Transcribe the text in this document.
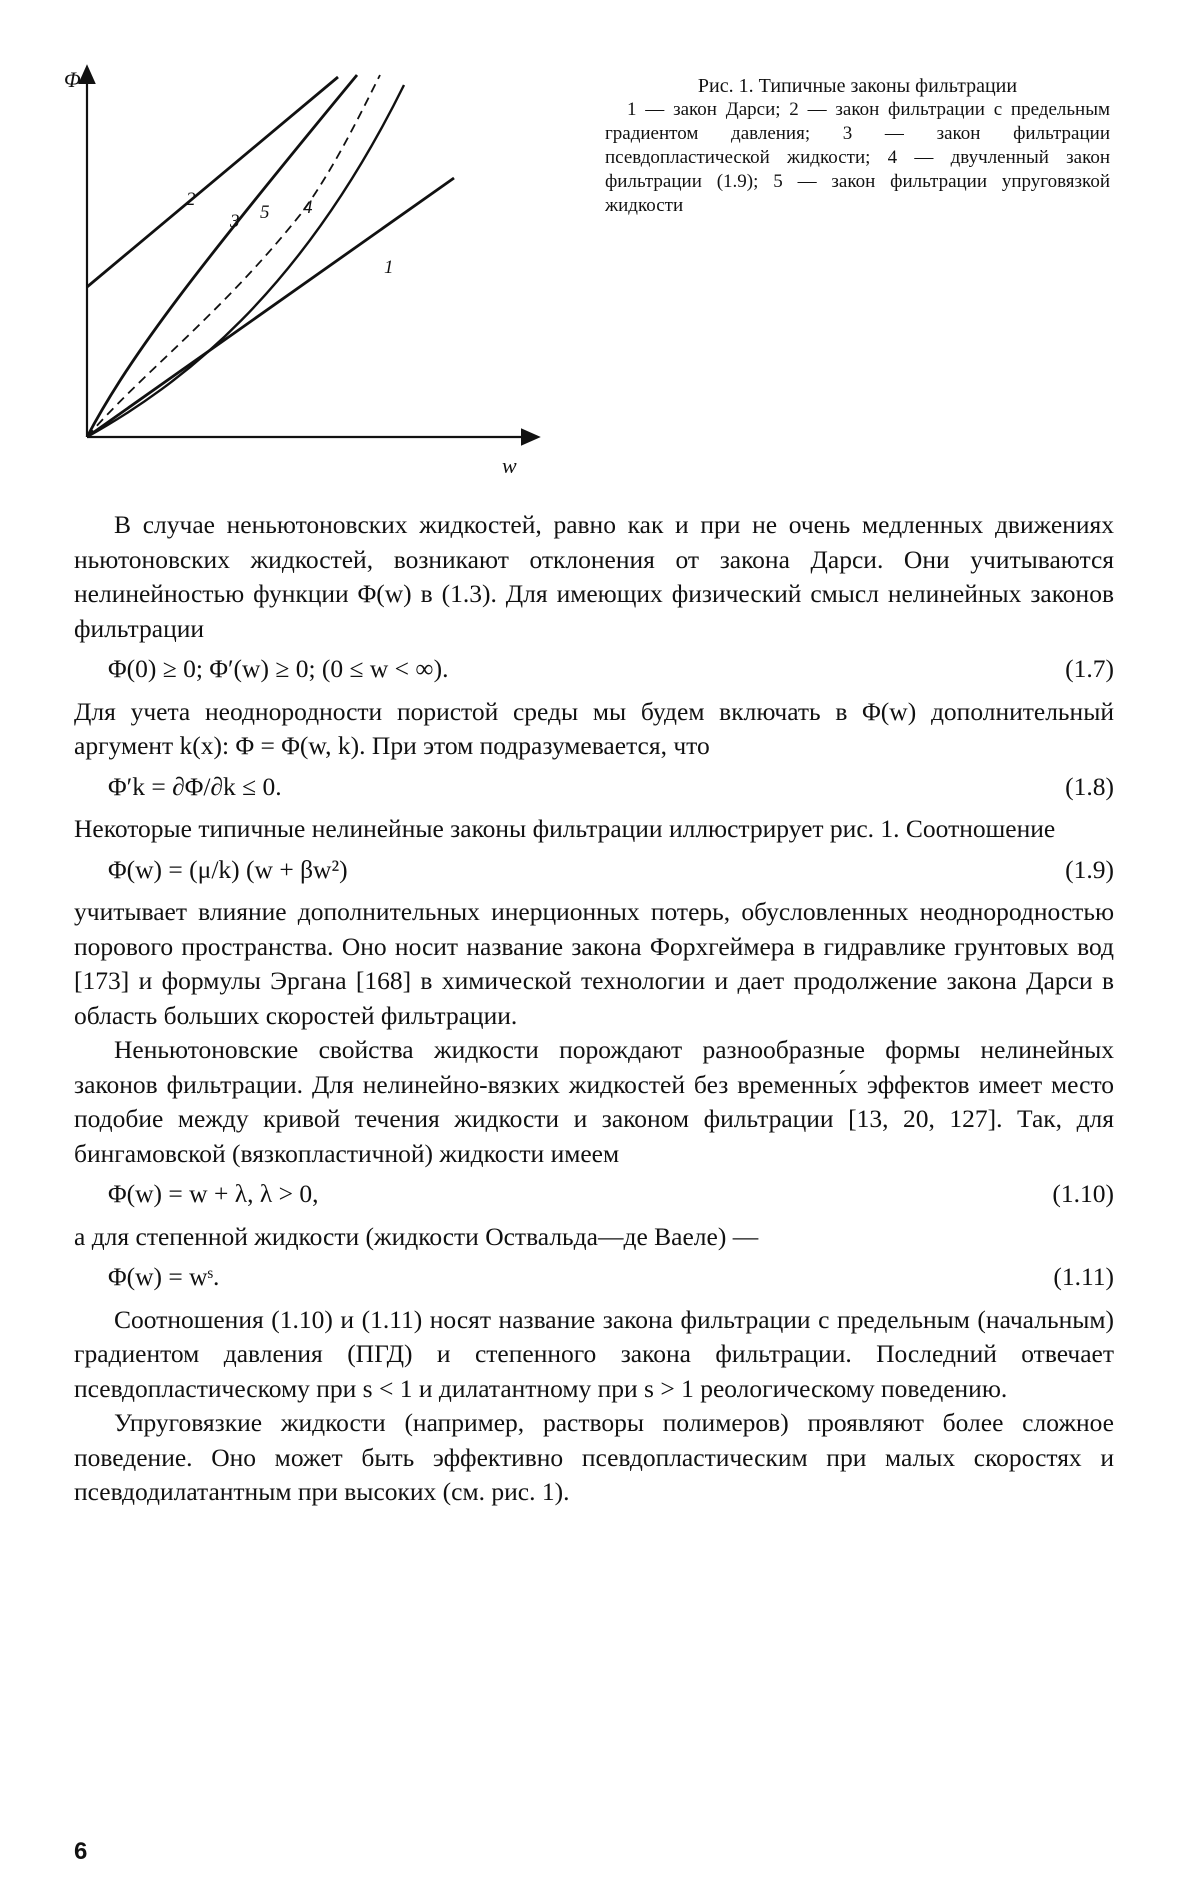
Φ
w
2
3 5 4
1
Рис. 1. Типичные законы фильтрации
1 — закон Дарси; 2 — закон фильтрации с предельным градиентом давления; 3 — закон фильтрации псевдопластической жидкости; 4 — двучленный закон фильтрации (1.9); 5 — закон фильтрации упруговязкой жидкости

В случае неньютоновских жидкостей, равно как и при не очень медленных движениях ньютоновских жидкостей, возникают отклонения от закона Дарси. Они учитываются нелинейностью функции Φ(w) в (1.3). Для имеющих физический смысл нелинейных законов фильтрации

Φ(0) ≥ 0; Φ′(w) ≥ 0; (0 ≤ w < ∞).	(1.7)

Для учета неоднородности пористой среды мы будем включать в Φ(w) дополнительный аргумент k(x): Φ = Φ(w, k). При этом подразумевается, что

Φ′k = ∂Φ/∂k ≤ 0.	(1.8)

Некоторые типичные нелинейные законы фильтрации иллюстрирует рис. 1. Соотношение

Φ(w) = (μ/k) (w + βw²)	(1.9)

учитывает влияние дополнительных инерционных потерь, обусловленных неоднородностью порового пространства. Оно носит название закона Форхгеймера в гидравлике грунтовых вод [173] и формулы Эргана [168] в химической технологии и дает продолжение закона Дарси в область больших скоростей фильтрации.

Неньютоновские свойства жидкости порождают разнообразные формы нелинейных законов фильтрации. Для нелинейно-вязких жидкостей без временны́х эффектов имеет место подобие между кривой течения жидкости и законом фильтрации [13, 20, 127]. Так, для бингамовской (вязкопластичной) жидкости имеем

Φ(w) = w + λ, λ > 0,	(1.10)

а для степенной жидкости (жидкости Оствальда—де Ваеле) —

Φ(w) = wˢ.	(1.11)

Соотношения (1.10) и (1.11) носят название закона фильтрации с предельным (начальным) градиентом давления (ПГД) и степенного закона фильтрации. Последний отвечает псевдопластическому при s < 1 и дилатантному при s > 1 реологическому поведению.

Упруговязкие жидкости (например, растворы полимеров) проявляют более сложное поведение. Оно может быть эффективно псевдопластическим при малых скоростях и псевдодилатантным при высоких (см. рис. 1).

6
